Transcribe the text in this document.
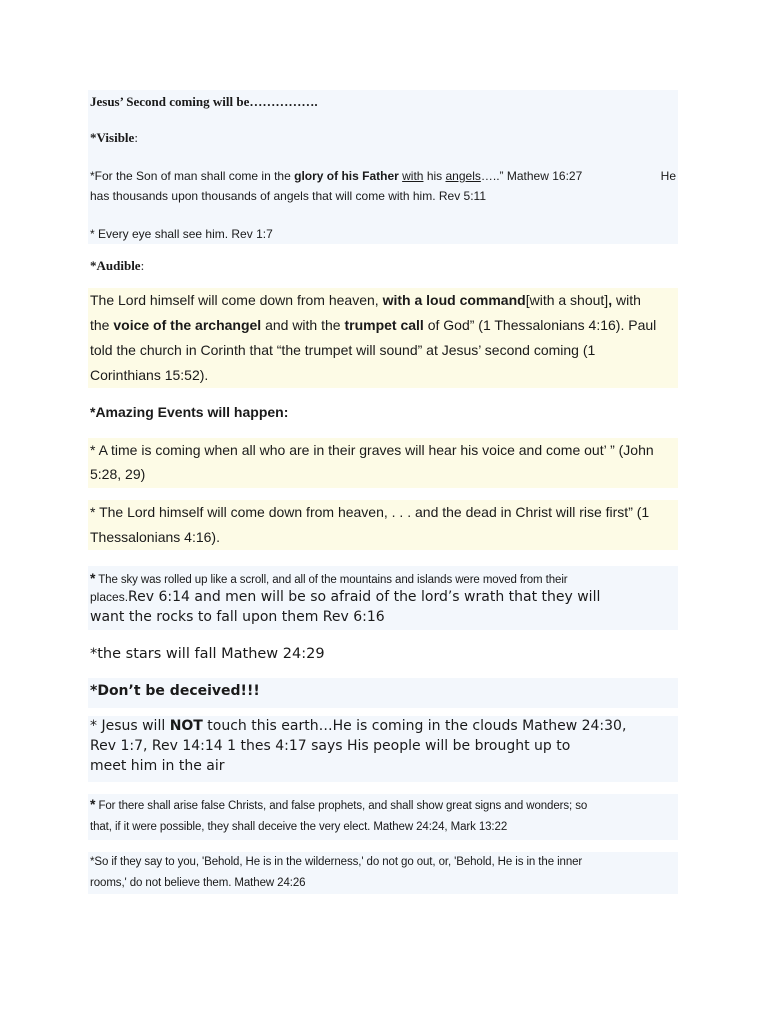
Jesus’ Second coming will be…………….
*Visible:
*For the Son of man shall come in the glory of his Father with his angels…..” Mathew 16:27	He
has thousands upon thousands of angels that will come with him. Rev 5:11
* Every eye shall see him. Rev 1:7
*Audible:
The Lord himself will come down from heaven, with a loud command[with a shout], with
the voice of the archangel and with the trumpet call of God” (1 Thessalonians 4:16). Paul
told the church in Corinth that “the trumpet will sound” at Jesus’ second coming (1
Corinthians 15:52).
*Amazing Events will happen:
* A time is coming when all who are in their graves will hear his voice and come out’ ” (John
5:28, 29)
* The Lord himself will come down from heaven, . . . and the dead in Christ will rise first” (1
Thessalonians 4:16).
* The sky was rolled up like a scroll, and all of the mountains and islands were moved from their
places.Rev 6:14 and men will be so afraid of the lord’s wrath that they will
want the rocks to fall upon them Rev 6:16
*the stars will fall Mathew 24:29
*Don’t be deceived!!!
* Jesus will NOT touch this earth…He is coming in the clouds Mathew 24:30,
Rev 1:7, Rev 14:14 1 thes 4:17 says His people will be brought up to
meet him in the air
* For there shall arise false Christs, and false prophets, and shall show great signs and wonders; so
that, if it were possible, they shall deceive the very elect. Mathew 24:24, Mark 13:22
*So if they say to you, 'Behold, He is in the wilderness,' do not go out, or, 'Behold, He is in the inner
rooms,' do not believe them. Mathew 24:26
